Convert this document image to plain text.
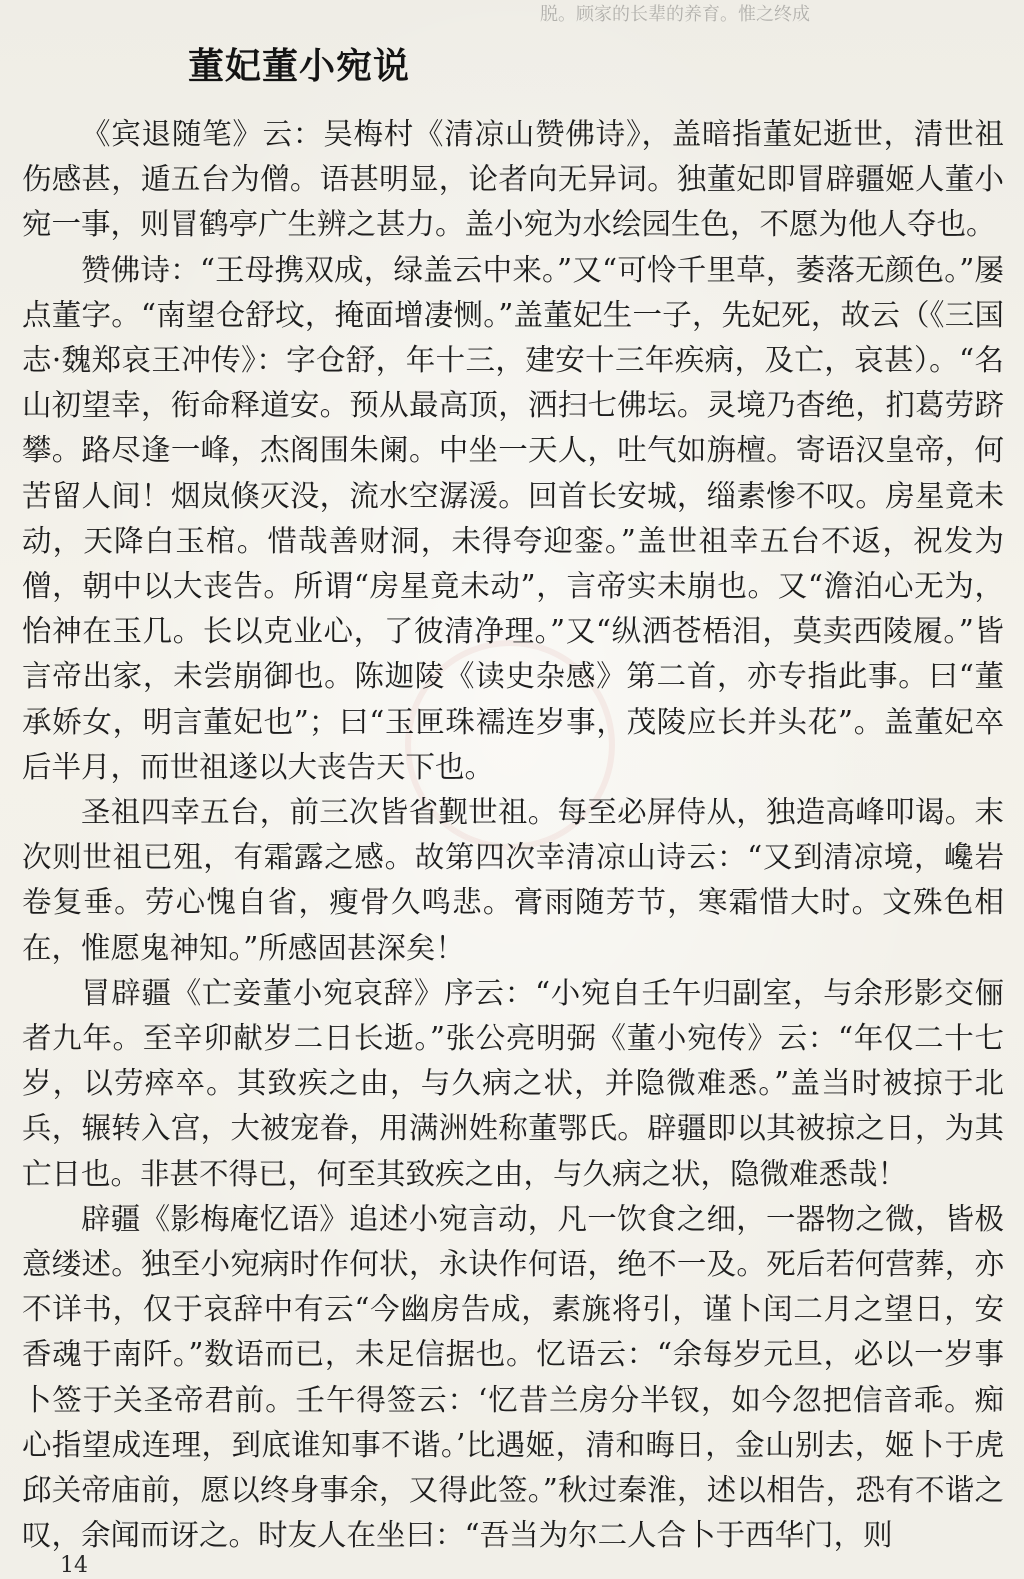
脱。顾家的长辈的养育。惟之终成
董妃董小宛说

《宾退随笔》云：吴梅村《清凉山赞佛诗》，盖暗指董妃逝世，清世祖伤感甚，遁五台为僧。语甚明显，论者向无异词。独董妃即冒辟疆姬人董小宛一事，则冒鹤亭广生辨之甚力。盖小宛为水绘园生色，不愿为他人夺也。

赞佛诗：“王母携双成，绿盖云中来。”又“可怜千里草，萎落无颜色。”屡点董字。“南望仓舒坟，掩面增凄恻。”盖董妃生一子，先妃死，故云（《三国志·魏郑哀王冲传》：字仓舒，年十三，建安十三年疾病，及亡，哀甚）。“名山初望幸，衔命释道安。预从最高顶，洒扫七佛坛。灵境乃杳绝，扪葛劳跻攀。路尽逢一峰，杰阁围朱阑。中坐一天人，吐气如旃檀。寄语汉皇帝，何苦留人间！烟岚倏灭没，流水空潺湲。回首长安城，缁素惨不叹。房星竟未动，天降白玉棺。惜哉善财洞，未得夸迎銮。”盖世祖幸五台不返，祝发为僧，朝中以大丧告。所谓“房星竟未动”，言帝实未崩也。又“澹泊心无为，怡神在玉几。长以克业心，了彼清净理。”又“纵洒苍梧泪，莫卖西陵履。”皆言帝出家，未尝崩御也。陈迦陵《读史杂感》第二首，亦专指此事。曰“董承娇女，明言董妃也”；曰“玉匣珠襦连岁事，茂陵应长并头花”。盖董妃卒后半月，而世祖遂以大丧告天下也。

圣祖四幸五台，前三次皆省觐世祖。每至必屏侍从，独造高峰叩谒。末次则世祖已殂，有霜露之感。故第四次幸清凉山诗云：“又到清凉境，巉岩卷复垂。劳心愧自省，瘦骨久鸣悲。膏雨随芳节，寒霜惜大时。文殊色相在，惟愿鬼神知。”所感固甚深矣！

冒辟疆《亡妾董小宛哀辞》序云：“小宛自壬午归副室，与余形影交俪者九年。至辛卯献岁二日长逝。”张公亮明弼《董小宛传》云：“年仅二十七岁，以劳瘁卒。其致疾之由，与久病之状，并隐微难悉。”盖当时被掠于北兵，辗转入宫，大被宠眷，用满洲姓称董鄂氏。辟疆即以其被掠之日，为其亡日也。非甚不得已，何至其致疾之由，与久病之状，隐微难悉哉！

辟疆《影梅庵忆语》追述小宛言动，凡一饮食之细，一器物之微，皆极意缕述。独至小宛病时作何状，永诀作何语，绝不一及。死后若何营葬，亦不详书，仅于哀辞中有云“今幽房告成，素旐将引，谨卜闰二月之望日，安香魂于南阡。”数语而已，未足信据也。忆语云：“余每岁元旦，必以一岁事卜签于关圣帝君前。壬午得签云：‘忆昔兰房分半钗，如今忽把信音乖。痴心指望成连理，到底谁知事不谐。’比遇姬，清和晦日，金山别去，姬卜于虎邱关帝庙前，愿以终身事余，又得此签。”秋过秦淮，述以相告，恐有不谐之叹，余闻而讶之。时友人在坐曰：“吾当为尔二人合卜于西华门，则

14
